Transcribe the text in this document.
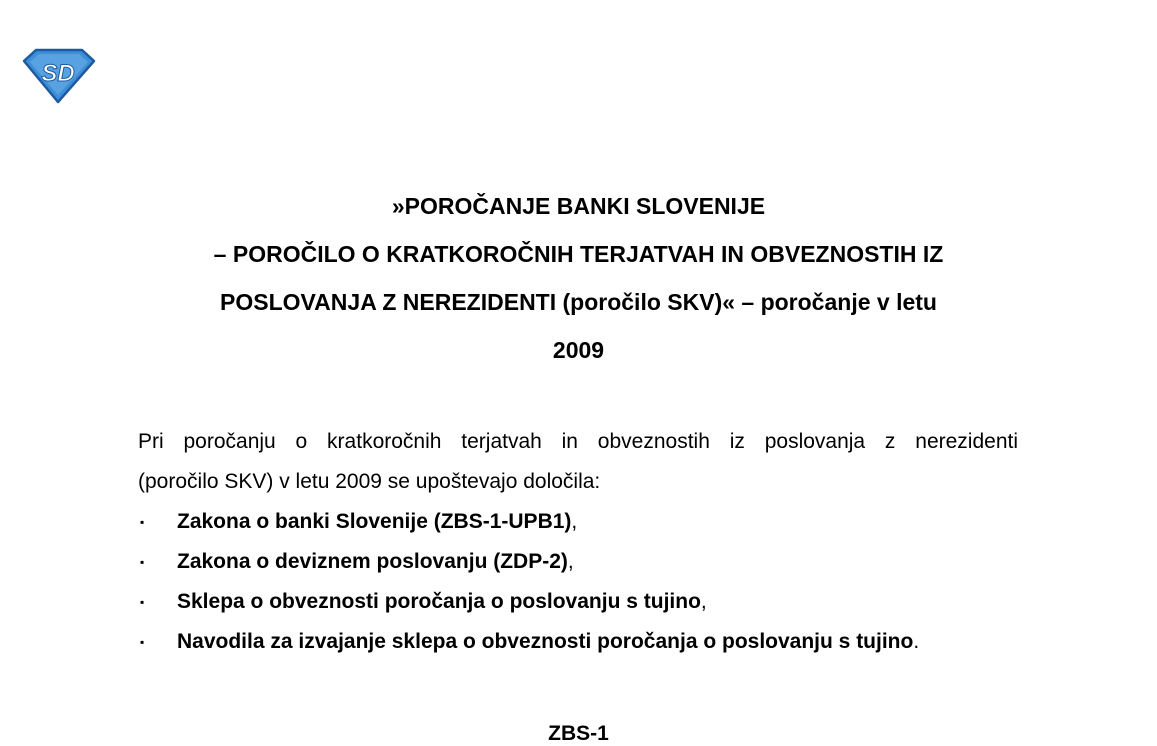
SD
»POROČANJE BANKI SLOVENIJE
– POROČILO O KRATKOROČNIH TERJATVAH IN OBVEZNOSTIH IZ
POSLOVANJA Z NEREZIDENTI (poročilo SKV)« – poročanje v letu
2009
Pri poročanju o kratkoročnih terjatvah in obveznostih iz poslovanja z nerezidenti
(poročilo SKV) v letu 2009 se upoštevajo določila:
▪ Zakona o banki Slovenije (ZBS-1-UPB1),
▪ Zakona o deviznem poslovanju (ZDP-2),
▪ Sklepa o obveznosti poročanja o poslovanju s tujino,
▪ Navodila za izvajanje sklepa o obveznosti poročanja o poslovanju s tujino.
ZBS-1
